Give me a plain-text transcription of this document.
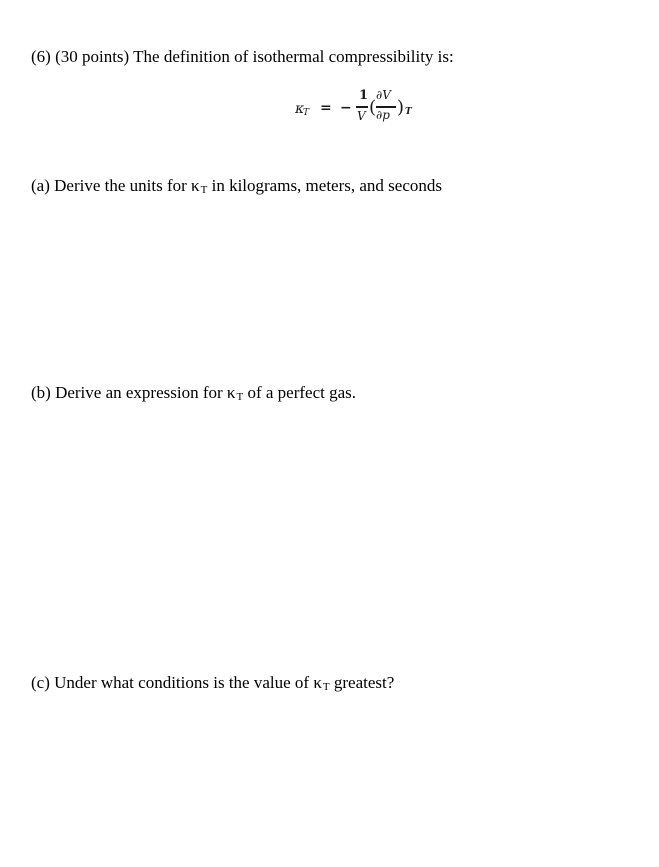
(6) (30 points) The definition of isothermal compressibility is:
κ
T = −
1
V (
∂V
∂p ) T
(a) Derive the units for κT in kilograms, meters, and seconds
(b) Derive an expression for κT of a perfect gas.
(c) Under what conditions is the value of κT greatest?
